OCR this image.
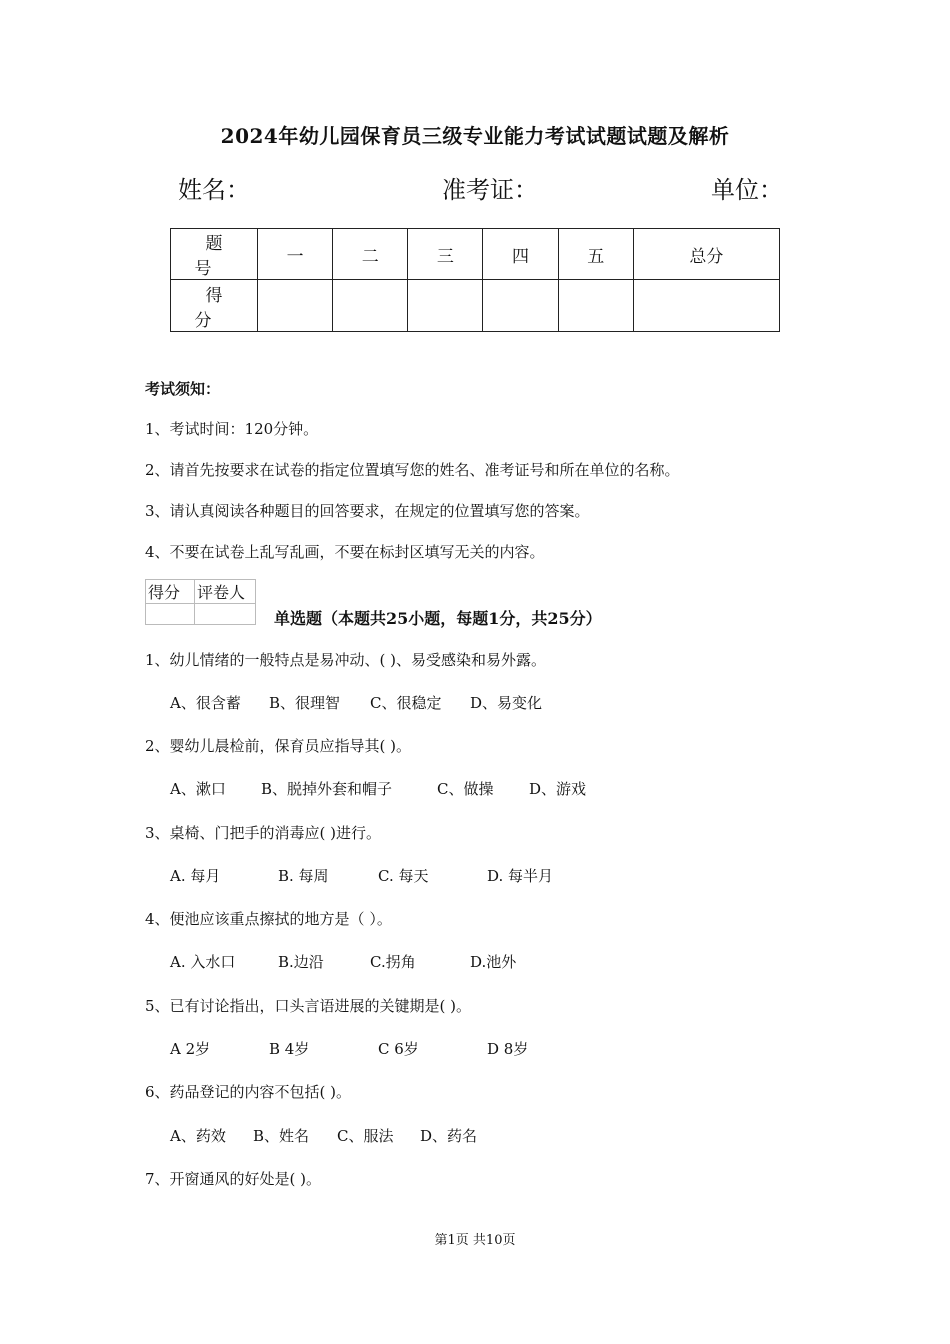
2024年幼儿园保育员三级专业能力考试试题试题及解析
姓名：	准考证：	单位：
题号	一	二	三	四	五	总分
得分						
考试须知：
1、考试时间：120分钟。
2、请首先按要求在试卷的指定位置填写您的姓名、准考证号和所在单位的名称。
3、请认真阅读各种题目的回答要求，在规定的位置填写您的答案。
4、不要在试卷上乱写乱画，不要在标封区填写无关的内容。
得分	评卷人

单选题（本题共25小题，每题1分，共25分）
1、幼儿情绪的一般特点是易冲动、( )、易受感染和易外露。
A、很含蓄 B、很理智 C、很稳定 D、易变化
2、婴幼儿晨检前，保育员应指导其( )。
A、漱口 B、脱掉外套和帽子	C、做操 D、游戏
3、桌椅、门把手的消毒应( )进行。
A. 每月	B. 每周	C. 每天	D. 每半月
4、便池应该重点擦拭的地方是（ ）。
A. 入水口	B.边沿	C.拐角	D.池外
5、已有讨论指出，口头言语进展的关键期是( )。
A 2岁	B 4岁	C 6岁	D 8岁
6、药品登记的内容不包括( )。
A、药效 B、姓名 C、服法 D、药名
7、开窗通风的好处是( )。
第1页 共10页
